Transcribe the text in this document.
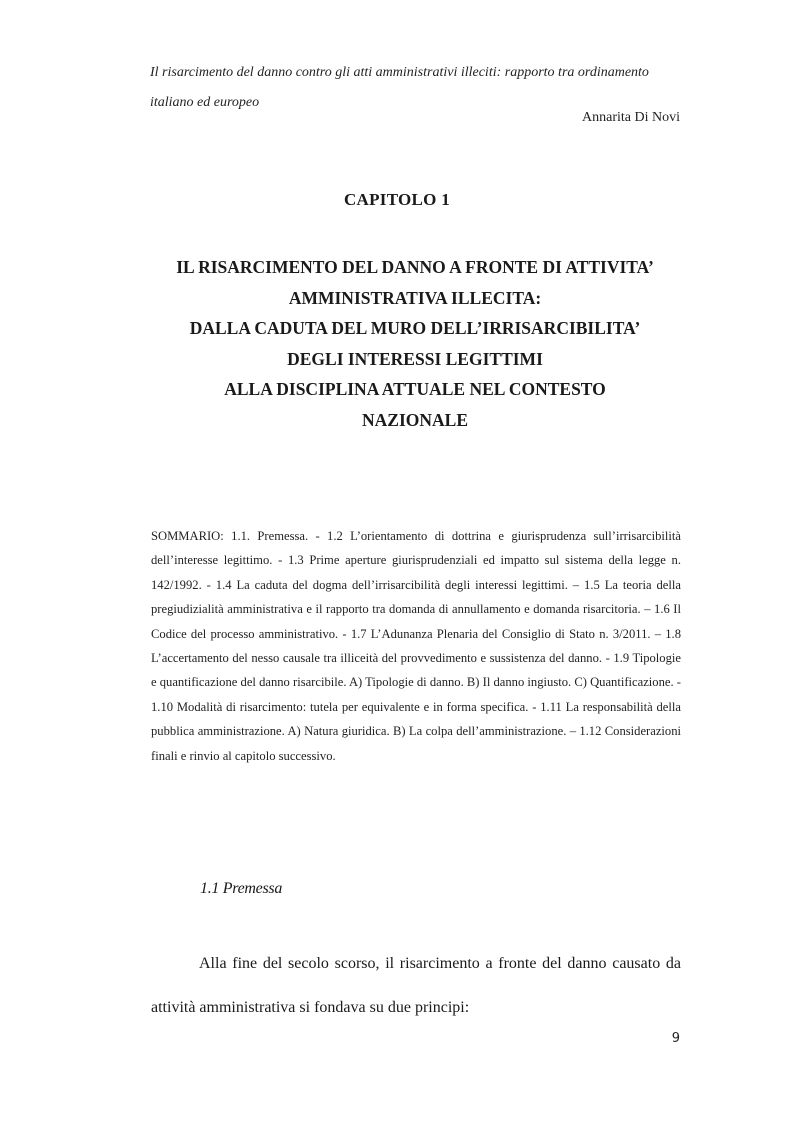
Il risarcimento del danno contro gli atti amministrativi illeciti: rapporto tra ordinamento italiano ed europeo
Annarita Di Novi
CAPITOLO 1
IL RISARCIMENTO DEL DANNO A FRONTE DI ATTIVITA’
AMMINISTRATIVA ILLECITA:
DALLA CADUTA DEL MURO DELL’IRRISARCIBILITA’
DEGLI INTERESSI LEGITTIMI
ALLA DISCIPLINA ATTUALE NEL CONTESTO
NAZIONALE

SOMMARIO: 1.1. Premessa. - 1.2 L’orientamento di dottrina e giurisprudenza sull’irrisarcibilità dell’interesse legittimo. - 1.3 Prime aperture giurisprudenziali ed impatto sul sistema della legge n. 142/1992. - 1.4 La caduta del dogma dell’irrisarcibilità degli interessi legittimi. – 1.5 La teoria della pregiudizialità amministrativa e il rapporto tra domanda di annullamento e domanda risarcitoria. – 1.6 Il Codice del processo amministrativo. - 1.7 L’Adunanza Plenaria del Consiglio di Stato n. 3/2011. – 1.8 L’accertamento del nesso causale tra illiceità del provvedimento e sussistenza del danno. - 1.9 Tipologie e quantificazione del danno risarcibile. A) Tipologie di danno. B) Il danno ingiusto. C) Quantificazione. - 1.10 Modalità di risarcimento: tutela per equivalente e in forma specifica. - 1.11 La responsabilità della pubblica amministrazione. A) Natura giuridica. B) La colpa dell’amministrazione. – 1.12 Considerazioni finali e rinvio al capitolo successivo.

1.1 Premessa

Alla fine del secolo scorso, il risarcimento a fronte del danno causato da attività amministrativa si fondava su due principi:

9
